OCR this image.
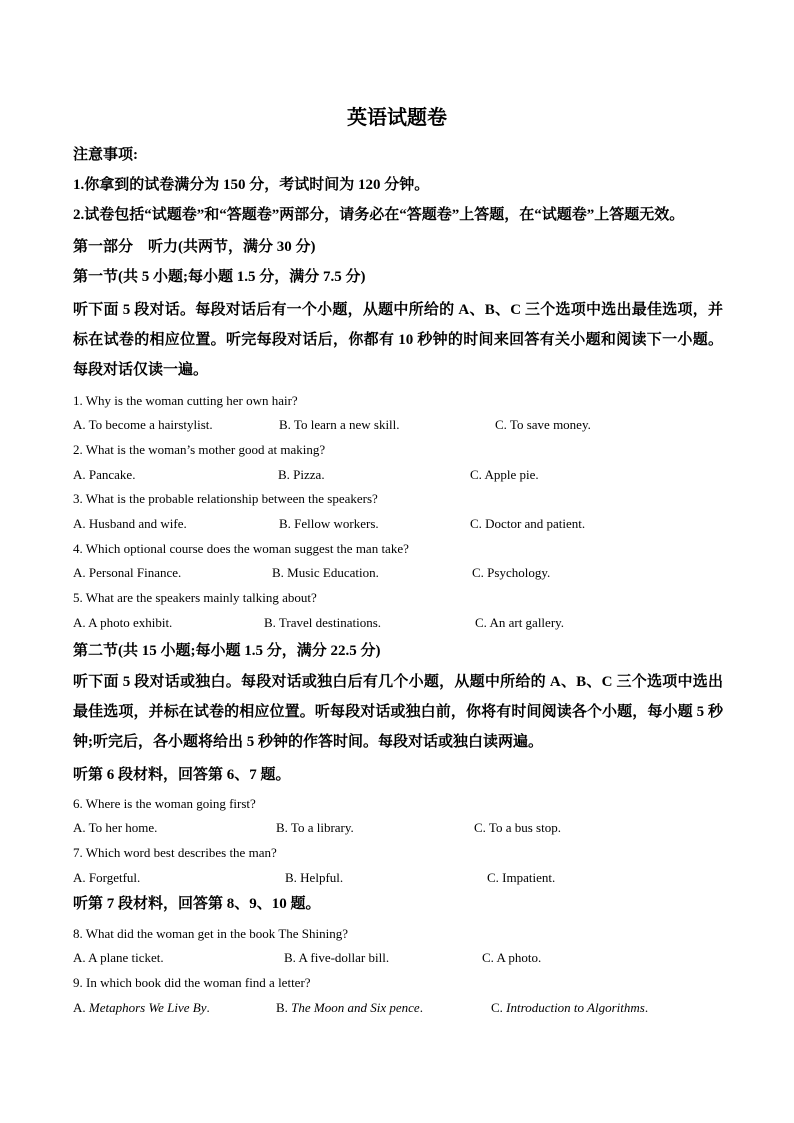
英语试题卷
注意事项:
1.你拿到的试卷满分为 150 分，考试时间为 120 分钟。
2.试卷包括“试题卷”和“答题卷”两部分，请务必在“答题卷”上答题，在“试题卷”上答题无效。
第一部分　听力(共两节，满分 30 分)
第一节(共 5 小题;每小题 1.5 分，满分 7.5 分)
听下面 5 段对话。每段对话后有一个小题，从题中所给的 A、B、C 三个选项中选出最佳选项，并标在试卷的相应位置。听完每段对话后，你都有 10 秒钟的时间来回答有关小题和阅读下一小题。每段对话仅读一遍。
1. Why is the woman cutting her own hair?
A. To become a hairstylist.	B. To learn a new skill.	C. To save money.
2. What is the woman’s mother good at making?
A. Pancake.	B. Pizza.	C. Apple pie.
3. What is the probable relationship between the speakers?
A. Husband and wife.	B. Fellow workers.	C. Doctor and patient.
4. Which optional course does the woman suggest the man take?
A. Personal Finance.	B. Music Education.	C. Psychology.
5. What are the speakers mainly talking about?
A. A photo exhibit.	B. Travel destinations.	C. An art gallery.
第二节(共 15 小题;每小题 1.5 分，满分 22.5 分)
听下面 5 段对话或独白。每段对话或独白后有几个小题，从题中所给的 A、B、C 三个选项中选出最佳选项，并标在试卷的相应位置。听每段对话或独白前，你将有时间阅读各个小题，每小题 5 秒钟;听完后，各小题将给出 5 秒钟的作答时间。每段对话或独白读两遍。
听第 6 段材料，回答第 6、7 题。
6. Where is the woman going first?
A. To her home.	B. To a library.	C. To a bus stop.
7. Which word best describes the man?
A. Forgetful.	B. Helpful.	C. Impatient.
听第 7 段材料，回答第 8、9、10 题。
8. What did the woman get in the book The Shining?
A. A plane ticket.	B. A five-dollar bill.	C. A photo.
9. In which book did the woman find a letter?
A. Metaphors We Live By.	B. The Moon and Six pence.	C. Introduction to Algorithms.
